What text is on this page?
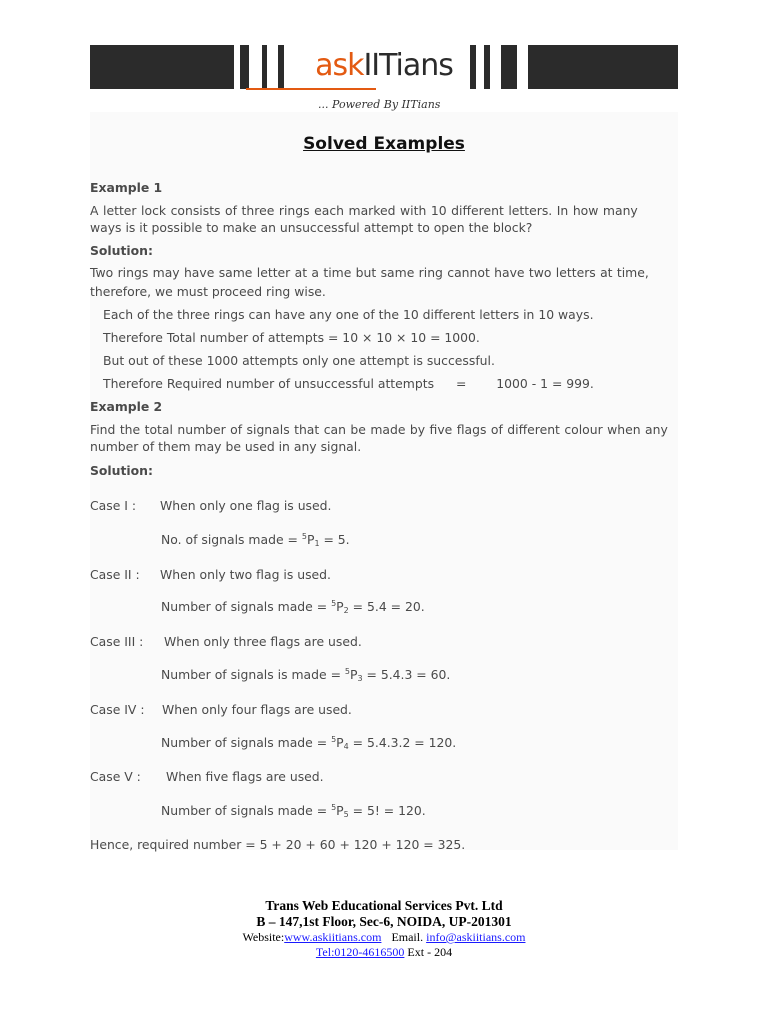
askIITians
... Powered By IITians
Solved Examples
Example 1
A letter lock consists of three rings each marked with 10 different letters. In how many
ways is it possible to make an unsuccessful attempt to open the block?
Solution:
Two rings may have same letter at a time but same ring cannot have two letters at time,
therefore, we must proceed ring wise.
Each of the three rings can have any one of the 10 different letters in 10 ways.
Therefore Total number of attempts = 10 × 10 × 10 = 1000.
But out of these 1000 attempts only one attempt is successful.
Therefore Required number of unsuccessful attempts = 1000 - 1 = 999.
Example 2
Find the total number of signals that can be made by five flags of different colour when any
number of them may be used in any signal.
Solution:
Case I : When only one flag is used.
No. of signals made = $^5P_1 = 5$.
Case II : When only two flag is used.
Number of signals made = $^5P_2 = 5.4 = 20$.
Case III : When only three flags are used.
Number of signals is made = $^5P_3 = 5.4.3 = 60$.
Case IV : When only four flags are used.
Number of signals made = $^5P_4 = 5.4.3.2 = 120$.
Case V : When five flags are used.
Number of signals made = $^5P_5 = 5$! = 120.
Hence, required number = 5 + 20 + 60 + 120 + 120 = 325.
Trans Web Educational Services Pvt. Ltd
B – 147,1st Floor, Sec-6, NOIDA, UP-201301
Website:www.askiitians.com Email. info@askiitians.com
Tel:0120-4616500 Ext - 204
